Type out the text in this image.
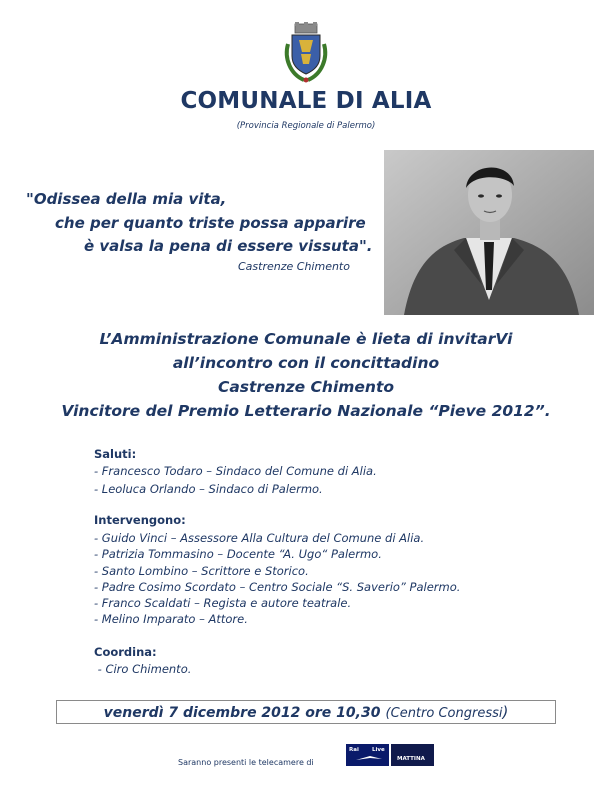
COMUNALE DI ALIA
(Provincia Regionale di Palermo)
"Odissea della mia vita,
che per quanto triste possa apparire
è valsa la pena di essere vissuta".
Castrenze Chimento
L’Amministrazione Comunale è lieta di invitarVi
all’incontro con il concittadino
Castrenze Chimento
Vincitore del Premio Letterario Nazionale “Pieve 2012”.
Saluti:
- Francesco Todaro – Sindaco del Comune di Alia.
- Leoluca Orlando – Sindaco di Palermo.
Intervengono:
- Guido Vinci – Assessore Alla Cultura del Comune di Alia.
- Patrizia Tommasino – Docente “A. Ugo“ Palermo.
- Santo Lombino – Scrittore e Storico.
- Padre Cosimo Scordato – Centro Sociale “S. Saverio” Palermo.
- Franco Scaldati – Regista e autore teatrale.
- Melino Imparato – Attore.
Coordina:
- Ciro Chimento.
venerdì 7 dicembre 2012 ore 10,30 (Centro Congressi)
Saranno presenti le telecamere di
Rai Live
MATTINA
